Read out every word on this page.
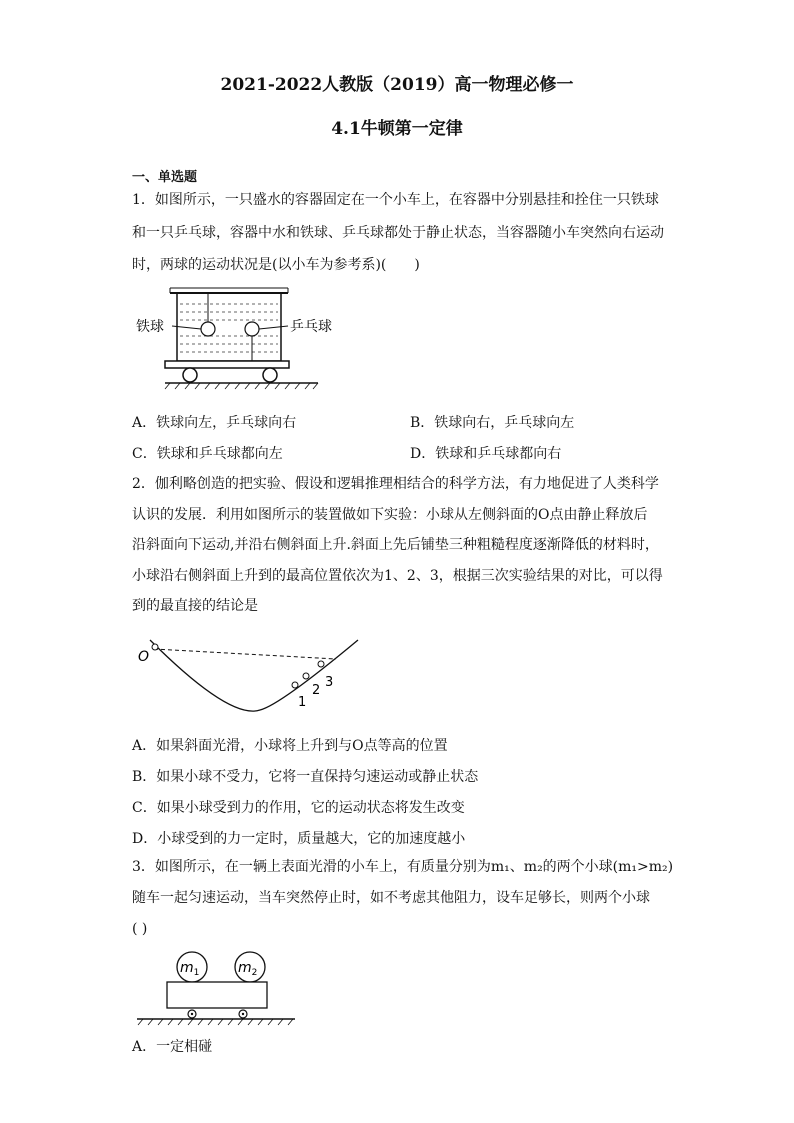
2021-2022人教版（2019）高一物理必修一
4.1牛顿第一定律
一、单选题
1．如图所示，一只盛水的容器固定在一个小车上，在容器中分别悬挂和拴住一只铁球
和一只乒乓球，容器中水和铁球、乒乓球都处于静止状态，当容器随小车突然向右运动
时，两球的运动状况是(以小车为参考系)(　　)
铁球	乒乓球
A．铁球向左，乒乓球向右	B．铁球向右，乒乓球向左
C．铁球和乒乓球都向左	D．铁球和乒乓球都向右
2．伽利略创造的把实验、假设和逻辑推理相结合的科学方法，有力地促进了人类科学
认识的发展．利用如图所示的装置做如下实验：小球从左侧斜面的O点由静止释放后
沿斜面向下运动,并沿右侧斜面上升.斜面上先后铺垫三种粗糙程度逐渐降低的材料时，
小球沿右侧斜面上升到的最高位置依次为1、2、3，根据三次实验结果的对比，可以得
到的最直接的结论是
O
1
2
3
A．如果斜面光滑，小球将上升到与O点等高的位置
B．如果小球不受力，它将一直保持匀速运动或静止状态
C．如果小球受到力的作用，它的运动状态将发生改变
D．小球受到的力一定时，质量越大，它的加速度越小
3．如图所示，在一辆上表面光滑的小车上，有质量分别为m₁、m₂的两个小球(m₁>m₂)
随车一起匀速运动，当车突然停止时，如不考虑其他阻力，设车足够长，则两个小球
( )
$m_1$	$m_2$
A．一定相碰
